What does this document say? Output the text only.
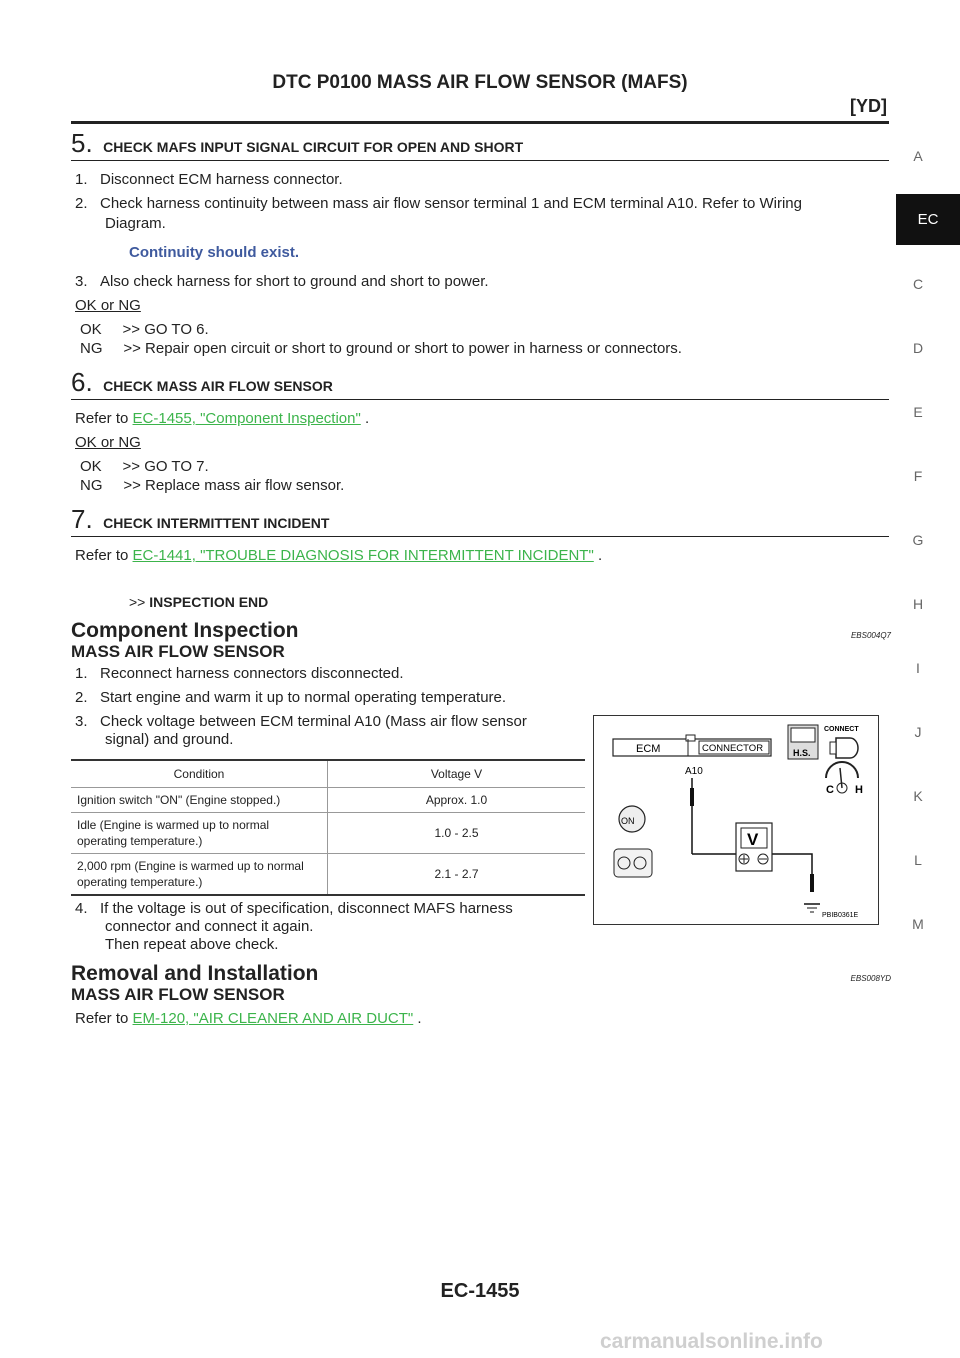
DTC P0100 MASS AIR FLOW SENSOR (MAFS)
[YD]
A
EC
C
D
E
F
G
H
I
J
K
L
M
5. CHECK MAFS INPUT SIGNAL CIRCUIT FOR OPEN AND SHORT
1.   Disconnect ECM harness connector.
2.   Check harness continuity between mass air flow sensor terminal 1 and ECM terminal A10. Refer to Wiring
Diagram.
Continuity should exist.
3.   Also check harness for short to ground and short to power.
OK or NG
OK     >> GO TO 6.
NG     >> Repair open circuit or short to ground or short to power in harness or connectors.
6. CHECK MASS AIR FLOW SENSOR
Refer to EC-1455, "Component Inspection" .
OK or NG
OK     >> GO TO 7.
NG     >> Replace mass air flow sensor.
7. CHECK INTERMITTENT INCIDENT
Refer to EC-1441, "TROUBLE DIAGNOSIS FOR INTERMITTENT INCIDENT" .
>> INSPECTION END
Component Inspection	EBS004Q7
MASS AIR FLOW SENSOR
1.   Reconnect harness connectors disconnected.
2.   Start engine and warm it up to normal operating temperature.
3.   Check voltage between ECM terminal A10 (Mass air flow sensor
signal) and ground.
Condition	Voltage V
Ignition switch "ON" (Engine stopped.)	Approx. 1.0
Idle (Engine is warmed up to normal operating temperature.)	1.0 - 2.5
2,000 rpm (Engine is warmed up to normal operating temperature.)	2.1 - 2.7
4.   If the voltage is out of specification, disconnect MAFS harness
connector and connect it again.
Then repeat above check.
ECM	CONNECTOR
A10
V
H.S.
CONNECT
C H
ON
PBIB0361E
Removal and Installation	EBS008YD
MASS AIR FLOW SENSOR
Refer to EM-120, "AIR CLEANER AND AIR DUCT" .
EC-1455
carmanualsonline.info
